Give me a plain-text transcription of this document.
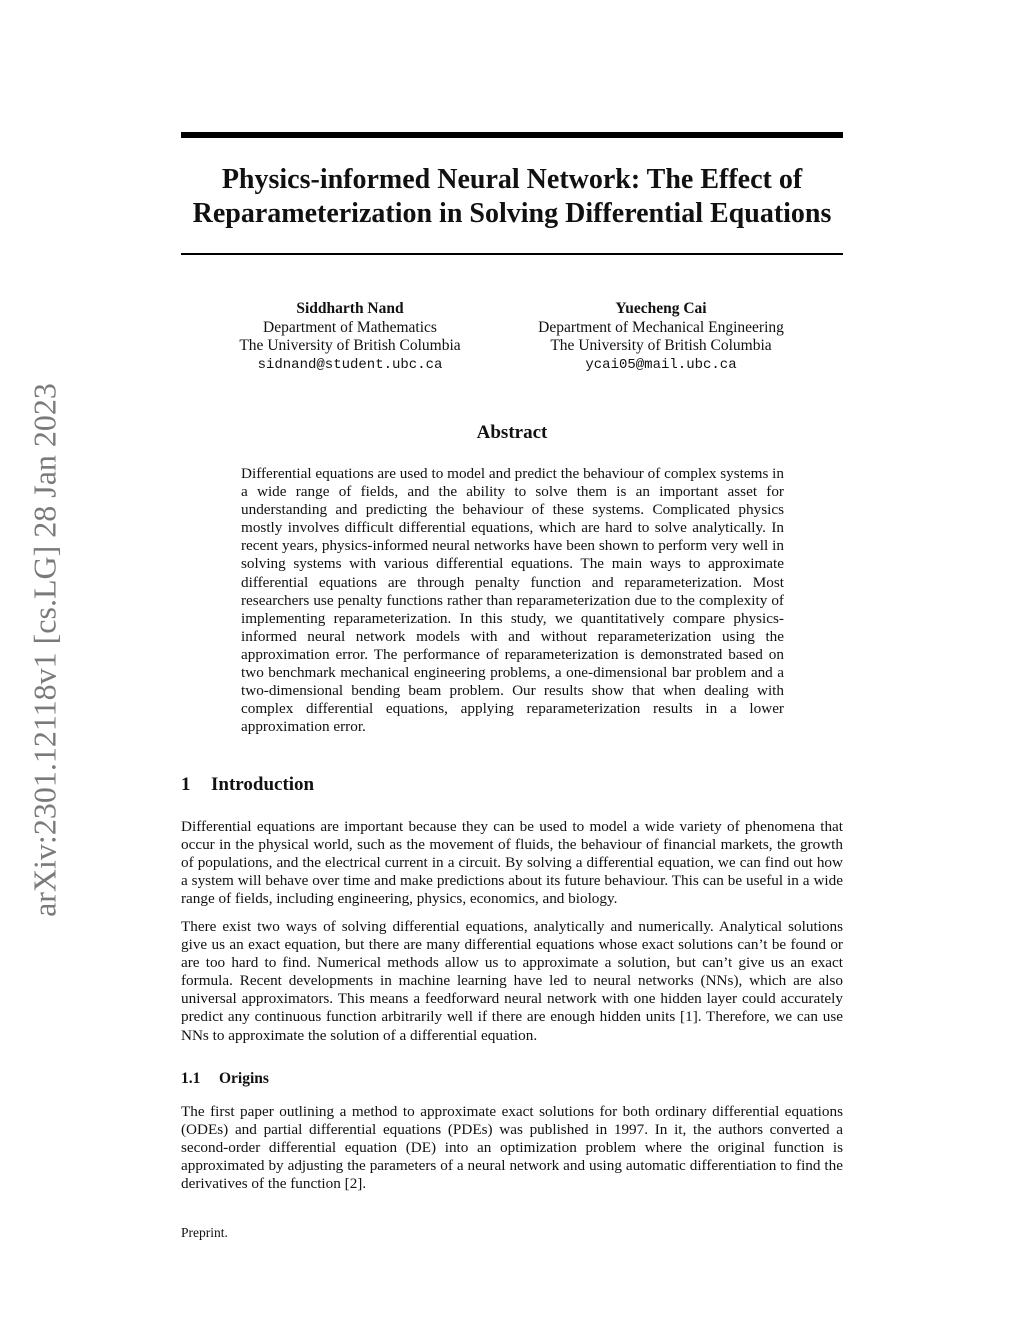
arXiv:2301.12118v1 [cs.LG] 28 Jan 2023
Physics-informed Neural Network: The Effect of Reparameterization in Solving Differential Equations
Siddharth Nand
Department of Mathematics
The University of British Columbia
sidnand@student.ubc.ca
Yuecheng Cai
Department of Mechanical Engineering
The University of British Columbia
ycai05@mail.ubc.ca
Abstract

Differential equations are used to model and predict the behaviour of complex systems in a wide range of fields, and the ability to solve them is an important asset for understanding and predicting the behaviour of these systems. Complicated physics mostly involves difficult differential equations, which are hard to solve analytically. In recent years, physics-informed neural networks have been shown to perform very well in solving systems with various differential equations. The main ways to approximate differential equations are through penalty function and reparameterization. Most researchers use penalty functions rather than reparameterization due to the complexity of implementing reparameterization. In this study, we quantitatively compare physics-informed neural network models with and without reparameterization using the approximation error. The performance of reparameterization is demonstrated based on two benchmark mechanical engineering problems, a one-dimensional bar problem and a two-dimensional bending beam problem. Our results show that when dealing with complex differential equations, applying reparameterization results in a lower approximation error.

1 Introduction

Differential equations are important because they can be used to model a wide variety of phenomena that occur in the physical world, such as the movement of fluids, the behaviour of financial markets, the growth of populations, and the electrical current in a circuit. By solving a differential equation, we can find out how a system will behave over time and make predictions about its future behaviour. This can be useful in a wide range of fields, including engineering, physics, economics, and biology.

There exist two ways of solving differential equations, analytically and numerically. Analytical solutions give us an exact equation, but there are many differential equations whose exact solutions can’t be found or are too hard to find. Numerical methods allow us to approximate a solution, but can’t give us an exact formula. Recent developments in machine learning have led to neural networks (NNs), which are also universal approximators. This means a feedforward neural network with one hidden layer could accurately predict any continuous function arbitrarily well if there are enough hidden units [1]. Therefore, we can use NNs to approximate the solution of a differential equation.

1.1 Origins

The first paper outlining a method to approximate exact solutions for both ordinary differential equations (ODEs) and partial differential equations (PDEs) was published in 1997. In it, the authors converted a second-order differential equation (DE) into an optimization problem where the original function is approximated by adjusting the parameters of a neural network and using automatic differentiation to find the derivatives of the function [2].

Preprint.
